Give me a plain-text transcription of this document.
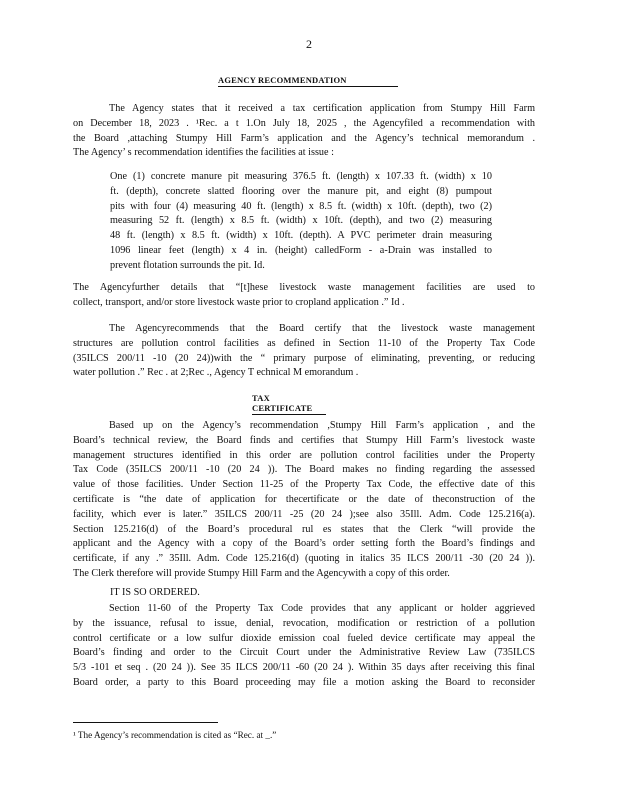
2
AGENCY RECOMMENDATION
The Agency states that it received a tax certification application from Stumpy Hill Farm
on December 18, 2023 . ¹Rec. a t 1.On July 18, 2025 , the Agencyfiled a recommendation with
the Board ,attaching Stumpy Hill Farm’s application and the Agency’s technical memorandum .
The Agency’ s recommendation identifies the facilities at issue :
One (1) concrete manure pit measuring 376.5 ft. (length) x 107.33 ft. (width) x 10
ft. (depth), concrete slatted flooring over the manure pit, and eight (8) pumpout
pits with four (4) measuring 40 ft. (length) x 8.5 ft. (width) x 10ft. (depth), two (2)
measuring 52 ft. (length) x 8.5 ft. (width) x 10ft. (depth), and two (2) measuring
48 ft. (length) x 8.5 ft. (width) x 10ft. (depth). A PVC perimeter drain measuring
1096 linear feet (length) x 4 in. (height) calledForm - a-Drain was installed to
prevent flotation surrounds the pit. Id.
The Agencyfurther details that “[t]hese livestock waste management facilities are used to
collect, transport, and/or store livestock waste prior to cropland application .” Id .
The Agencyrecommends that the Board certify that the livestock waste management
structures are pollution control facilities as defined in Section 11-10 of the Property Tax Code
(35ILCS 200/11 -10 (20 24))with the “ primary purpose of eliminating, preventing, or reducing
water pollution .” Rec . at 2;Rec ., Agency T echnical M emorandum .
TAX CERTIFICATE
Based up on the Agency’s recommendation ,Stumpy Hill Farm’s application , and the
Board’s technical review, the Board finds and certifies that Stumpy Hill Farm’s livestock waste
management structures identified in this order are pollution control facilities under the Property
Tax Code (35ILCS 200/11 -10 (20 24 )). The Board makes no finding regarding the assessed
value of those facilities. Under Section 11-25 of the Property Tax Code, the effective date of this
certificate is “the date of application for thecertificate or the date of theconstruction of the
facility, which ever is later.” 35ILCS 200/11 -25 (20 24 );see also 35Ill. Adm. Code 125.216(a).
Section 125.216(d) of the Board’s procedural rul es states that the Clerk “will provide the
applicant and the Agency with a copy of the Board’s order setting forth the Board’s findings and
certificate, if any .” 35Ill. Adm. Code 125.216(d) (quoting in italics 35 ILCS 200/11 -30 (20 24 )).
The Clerk therefore will provide Stumpy Hill Farm and the Agencywith a copy of this order.
IT IS SO ORDERED.
Section 11-60 of the Property Tax Code provides that any applicant or holder aggrieved
by the issuance, refusal to issue, denial, revocation, modification or restriction of a pollution
control certificate or a low sulfur dioxide emission coal fueled device certificate may appeal the
Board’s finding and order to the Circuit Court under the Administrative Review Law (735ILCS
5/3 -101 et seq . (20 24 )). See 35 ILCS 200/11 -60 (20 24 ). Within 35 days after receiving this final
Board order, a party to this Board proceeding may file a motion asking the Board to reconsider
¹ The Agency’s recommendation is cited as “Rec. at _.”
